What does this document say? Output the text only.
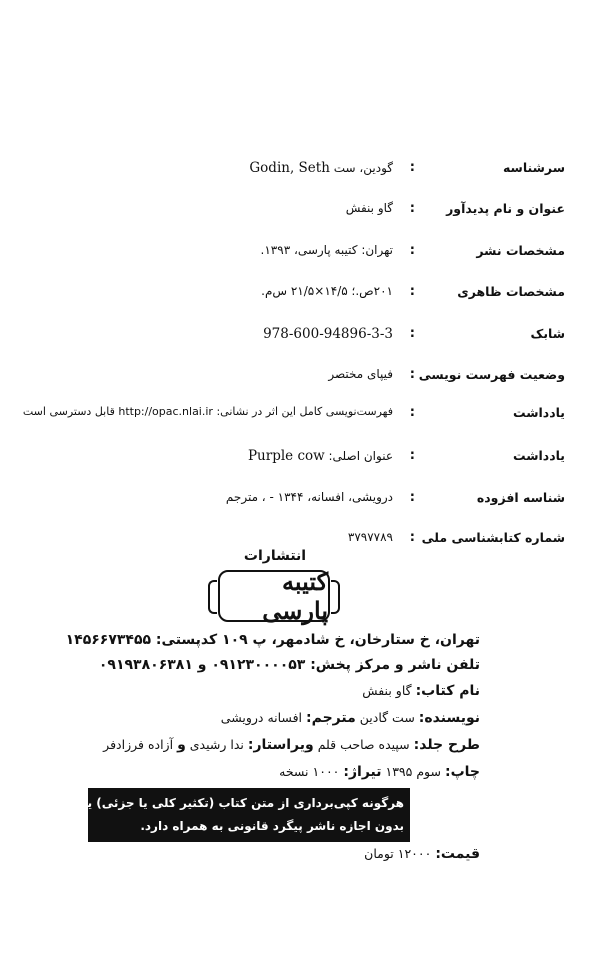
سرشناسه
:
گودین، ست Godin, Seth
عنوان و نام پدیدآور
:
گاو بنفش
مشخصات نشر
:
تهران: کتیبه پارسی، ۱۳۹۳.
مشخصات ظاهری
:
۲۰۱ص.؛ ۱۴/۵×۲۱/۵ س‌م.
شابک
:
978-600-94896-3-3
وضعیت فهرست نویسی
:
فیپای مختصر
یادداشت
:
فهرست‌نویسی کامل این اثر در نشانی: http://opac.nlai.ir قابل دسترسی است
یادداشت
:
عنوان اصلی: Purple cow
شناسه افزوده
:
درویشی، افسانه، ۱۳۴۴ - ، مترجم
شماره کتابشناسی ملی
:
۳۷۹۷۷۸۹
انتشارات
کتیبه پارسی
تهران، خ ستارخان، خ شادمهر، پ ۱۰۹ کدپستی: ۱۴۵۶۶۷۳۴۵۵
تلفن ناشر و مرکز پخش: ۰۹۱۲۳۰۰۰۰۵۳ و ۰۹۱۹۳۸۰۶۳۸۱
نام کتاب: گاو بنفش
نویسنده: ست گادین مترجم: افسانه درویشی
طرح جلد: سپیده صاحب قلم ویراستار: ندا رشیدی و آزاده فرزادفر
چاپ: سوم ۱۳۹۵ تیراژ: ۱۰۰۰ نسخه
هرگونه کپی‌برداری از متن کتاب (تکثیر کلی یا جزئی) یا طرح جلد،
بدون اجازه ناشر پیگرد قانونی به همراه دارد.
قیمت: ۱۲۰۰۰ تومان
